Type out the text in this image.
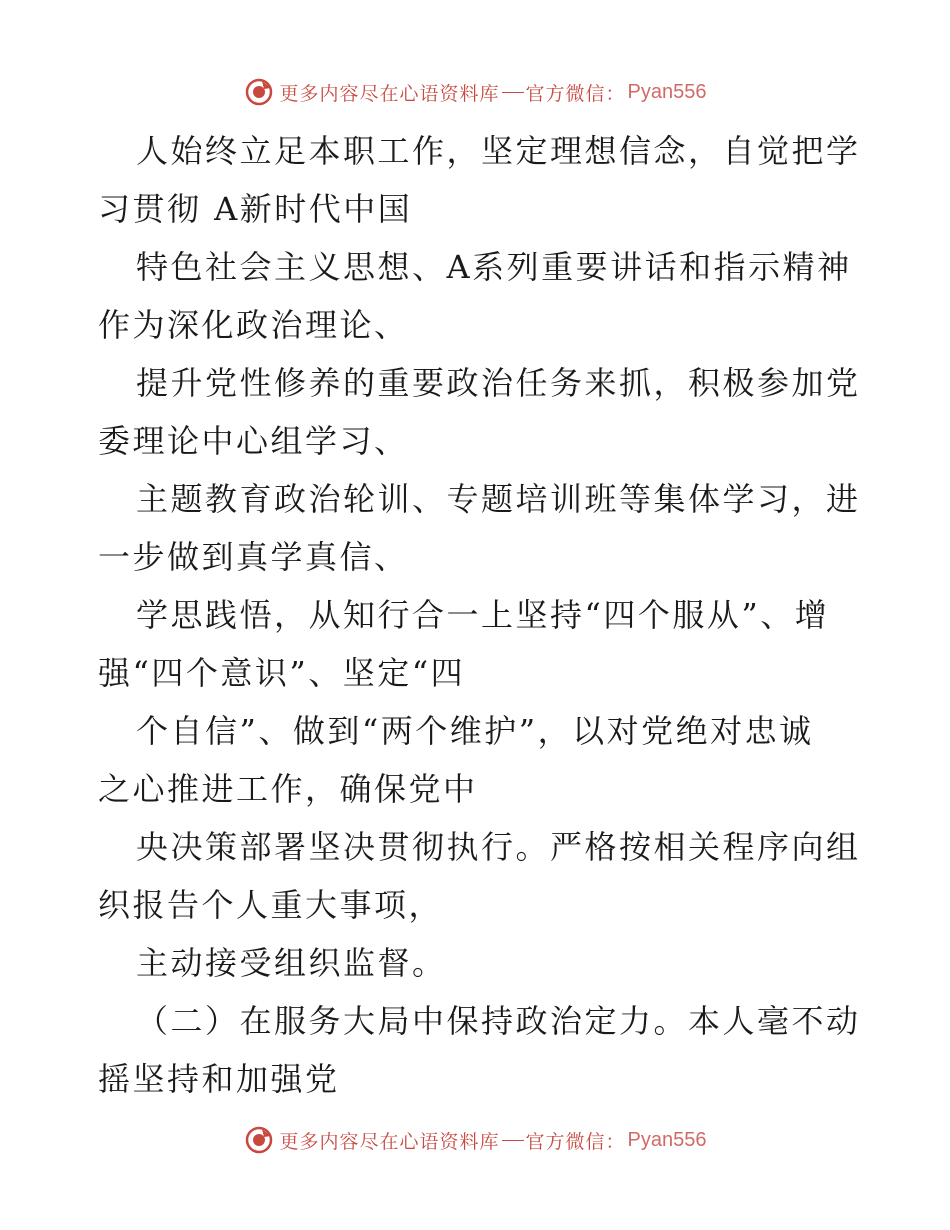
更多内容尽在心语资料库 官方微信： Pyan556
人始终立足本职工作，坚定理想信念，自觉把学
习贯彻 A新时代中国
特色社会主义思想、A系列重要讲话和指示精神
作为深化政治理论、
提升党性修养的重要政治任务来抓，积极参加党
委理论中心组学习、
主题教育政治轮训、专题培训班等集体学习，进
一步做到真学真信、
学思践悟，从知行合一上坚持“四个服从”、增
强“四个意识”、坚定“四
个自信”、做到“两个维护”，以对党绝对忠诚
之心推进工作，确保党中
央决策部署坚决贯彻执行。严格按相关程序向组
织报告个人重大事项，
主动接受组织监督。
（二）在服务大局中保持政治定力。本人毫不动
摇坚持和加强党
更多内容尽在心语资料库 官方微信： Pyan556
